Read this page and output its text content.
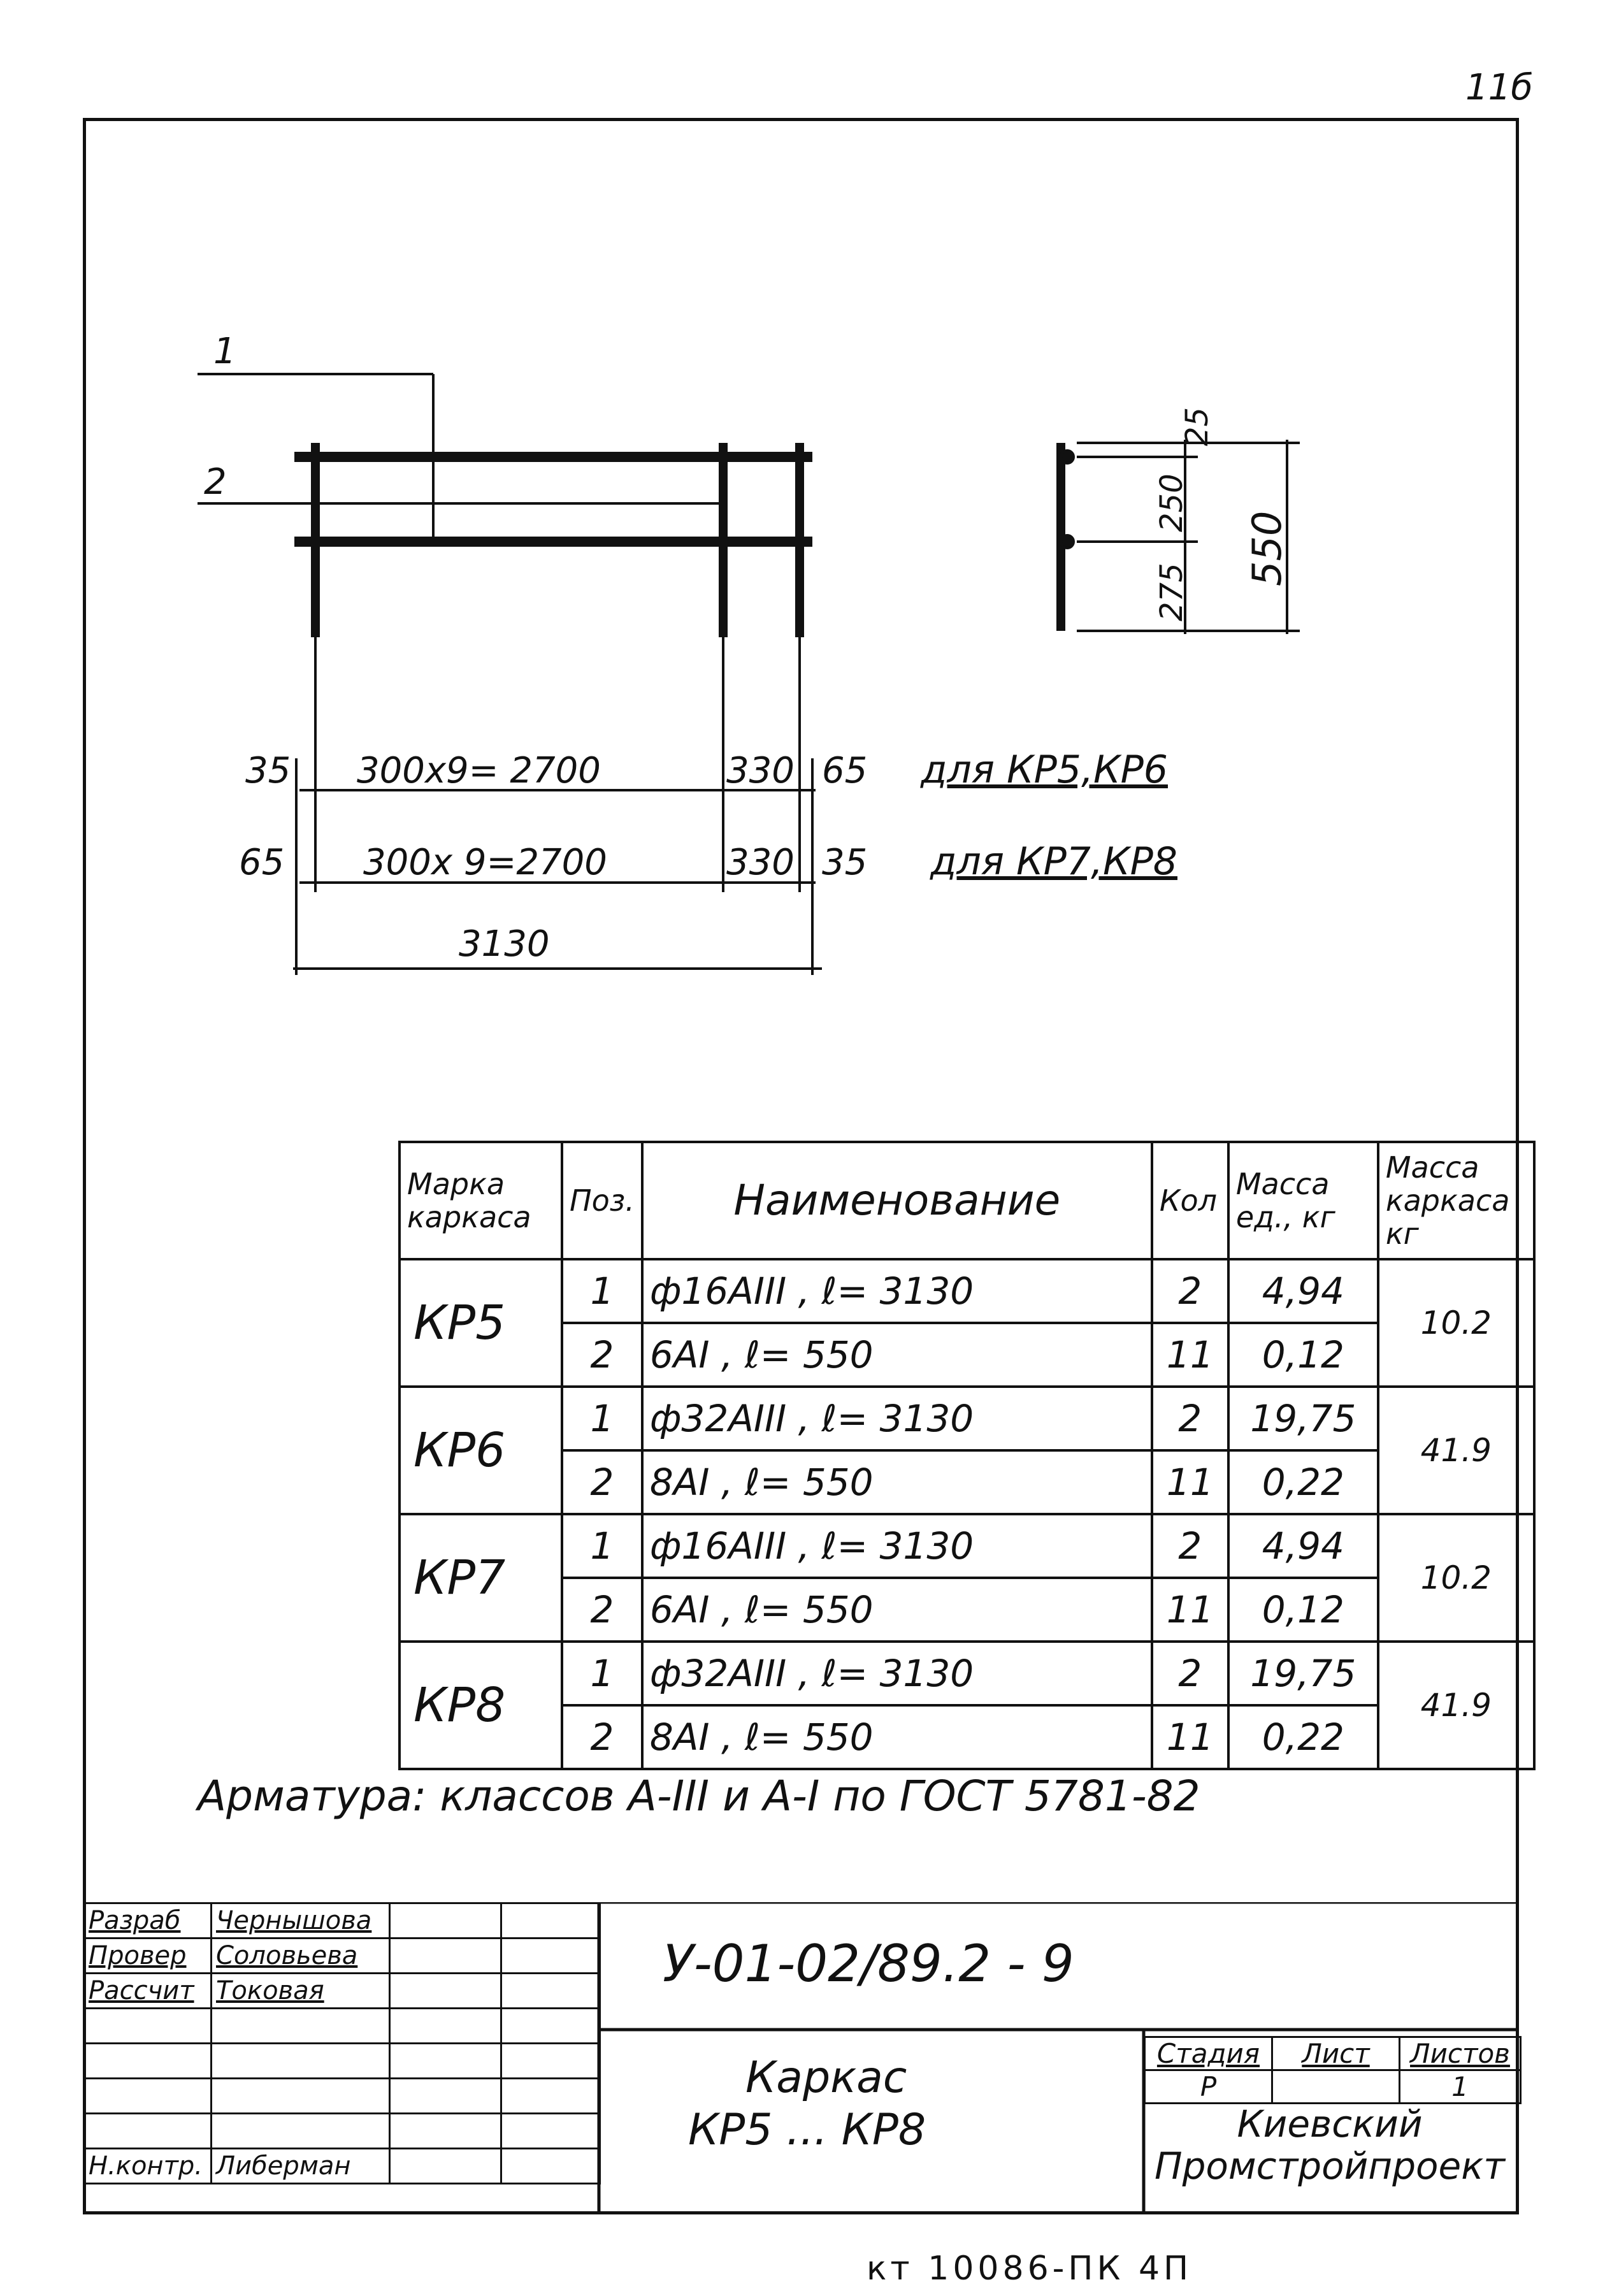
11б
1
2
25
250
275
550
35 300x9= 2700	330 65 для КР5,КР6
65 300x 9=2700	330 35 для КР7,КР8
3130
Марка каркаса	Поз.	Наименование	Кол	Масса ед., кг	Масса каркаса кг
КР5	1	ф16АIII , ℓ= 3130	2	4,94	10.2
	2	6АI , ℓ= 550	11	0,12	
КР6	1	ф32АIII , ℓ= 3130	2	19,75	41.9
	2	8АI , ℓ= 550	11	0,22	
КР7	1	ф16АIII , ℓ= 3130	2	4,94	10.2
	2	6АI , ℓ= 550	11	0,12	
КР8	1	ф32АIII , ℓ= 3130	2	19,75	41.9
	2	8АI , ℓ= 550	11	0,22	
Арматура: классов А-III и А-I по ГОСТ 5781-82
Разраб	Чернышова		
Провер	Соловьева		
Рассчит	Токовая		

Н.контр.	Либерман		
У-01-02/89.2 - 9
Каркас
КР5 ... КР8
Стадия	Лист	Листов
Р		1
Киевский
Промстройпроект
кт 10086-ПК 4П
